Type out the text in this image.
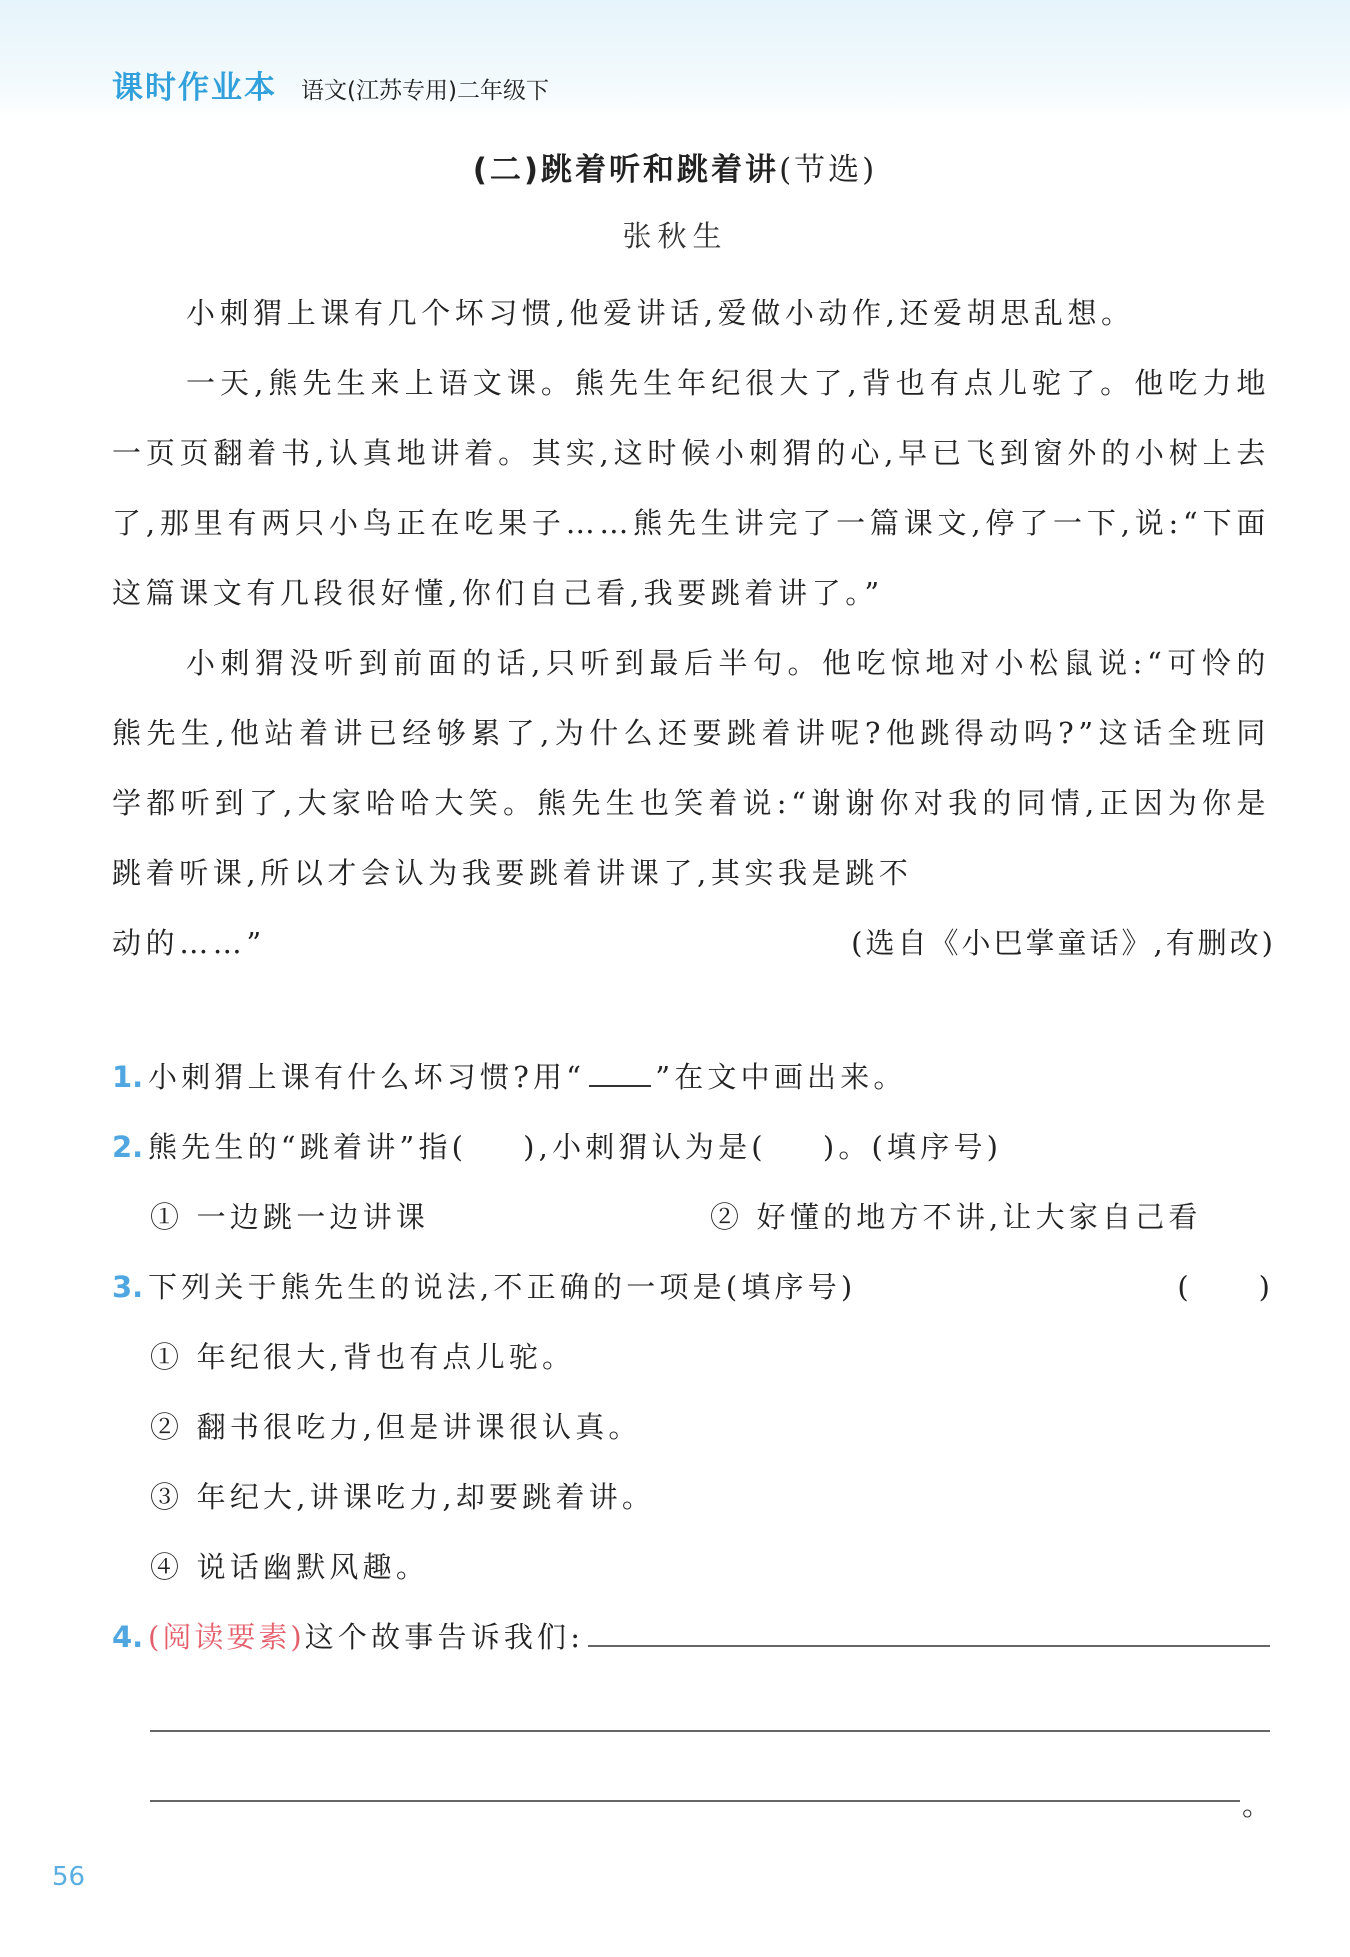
课时作业本 语文(江苏专用)二年级下
(二)跳着听和跳着讲(节选)
张秋生

小刺猬上课有几个坏习惯,他爱讲话,爱做小动作,还爱胡思乱想。

一天,熊先生来上语文课。熊先生年纪很大了,背也有点儿驼了。他吃力地一页页翻着书,认真地讲着。其实,这时候小刺猬的心,早已飞到窗外的小树上去了,那里有两只小鸟正在吃果子……熊先生讲完了一篇课文,停了一下,说:“下面这篇课文有几段很好懂,你们自己看,我要跳着讲了。”

小刺猬没听到前面的话,只听到最后半句。他吃惊地对小松鼠说:“可怜的熊先生,他站着讲已经够累了,为什么还要跳着讲呢?他跳得动吗?”这话全班同学都听到了,大家哈哈大笑。熊先生也笑着说:“谢谢你对我的同情,正因为你是跳着听课,所以才会认为我要跳着讲课了,其实我是跳不

动的……”	(选自《小巴掌童话》,有删改)
1. 小刺猬上课有什么坏习惯?用“ ”在文中画出来。
2. 熊先生的“跳着讲”指( ),小刺猬认为是( )。(填序号)
① 一边跳一边讲课	② 好懂的地方不讲,让大家自己看
3. 下列关于熊先生的说法,不正确的一项是(填序号)	( )
① 年纪很大,背也有点儿驼。
② 翻书很吃力,但是讲课很认真。
③ 年纪大,讲课吃力,却要跳着讲。
④ 说话幽默风趣。
4. (阅读要素) 这个故事告诉我们:
。
56
